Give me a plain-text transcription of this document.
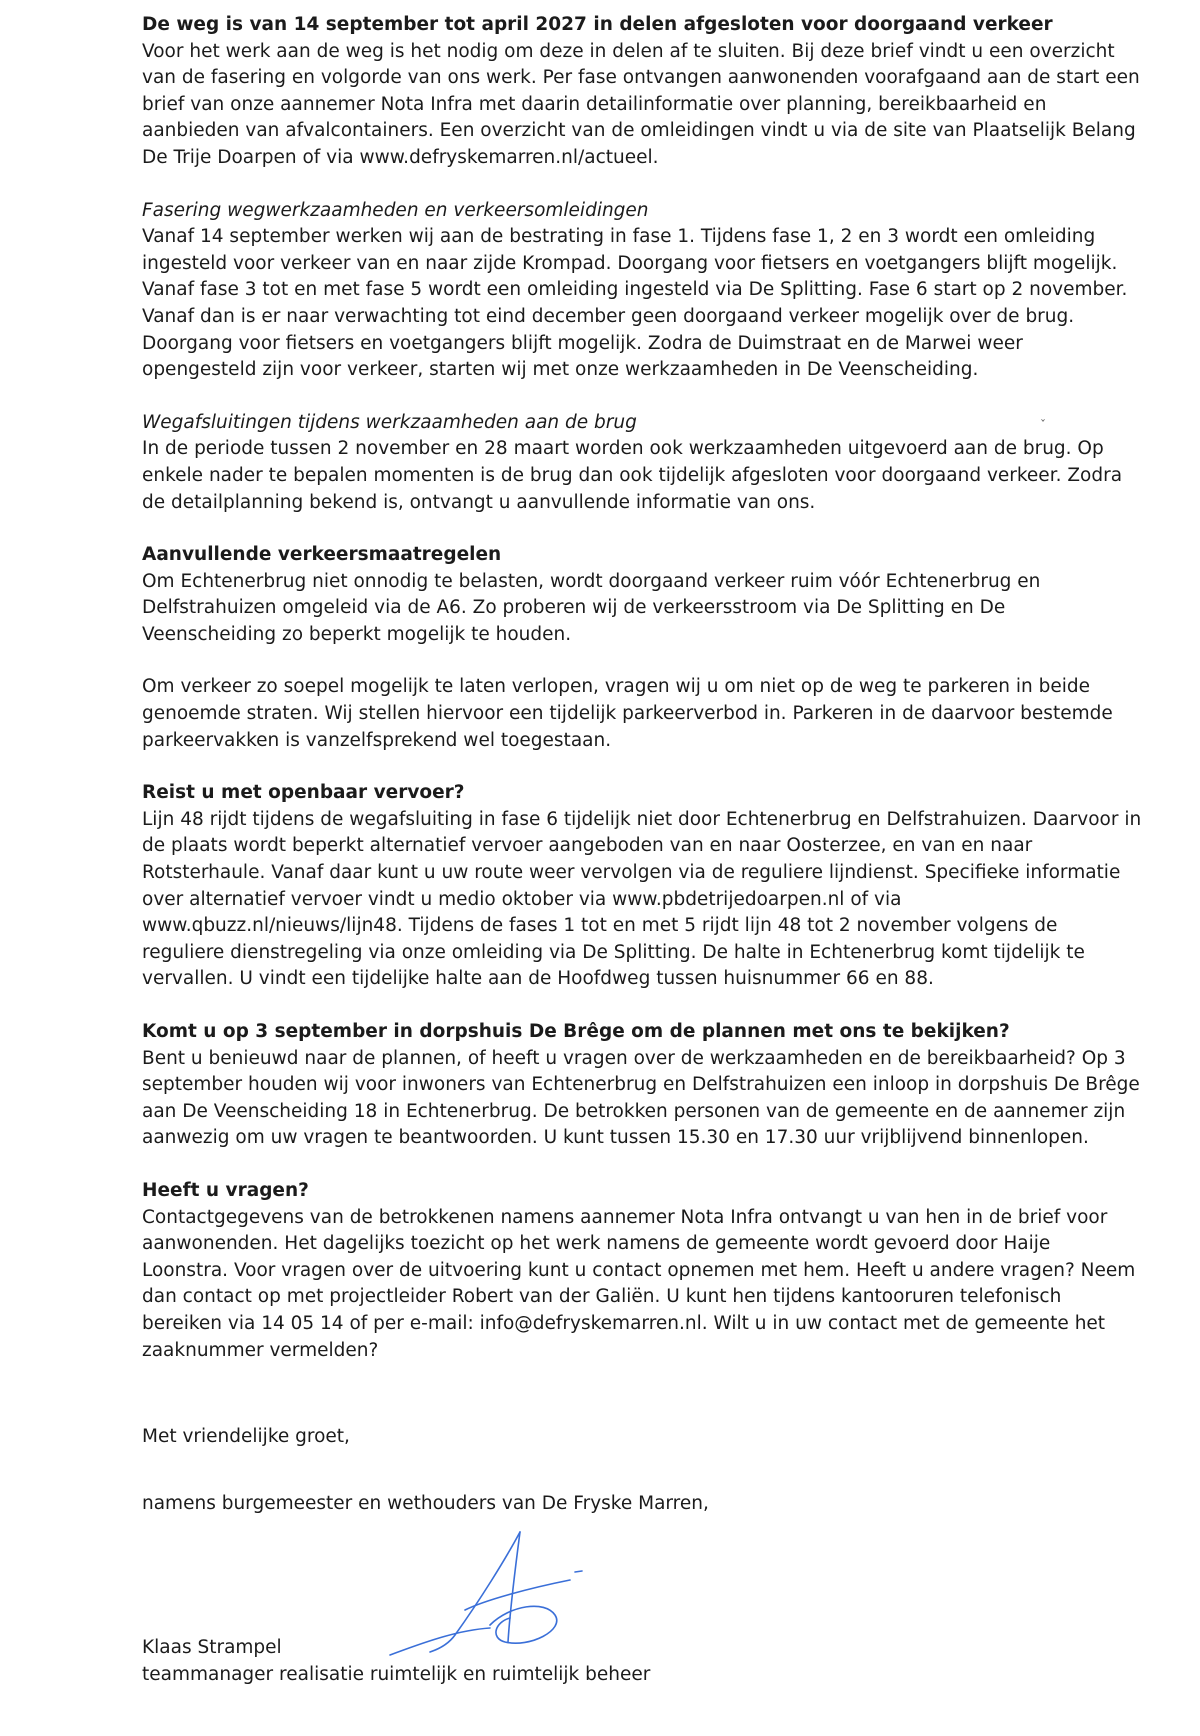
De weg is van 14 september tot april 2027 in delen afgesloten voor doorgaand verkeer

Voor het werk aan de weg is het nodig om deze in delen af te sluiten. Bij deze brief vindt u een overzicht van de fasering en volgorde van ons werk. Per fase ontvangen aanwonenden voorafgaand aan de start een brief van onze aannemer Nota Infra met daarin detailinformatie over planning, bereikbaarheid en aanbieden van afvalcontainers. Een overzicht van de omleidingen vindt u via de site van Plaatselijk Belang De Trije Doarpen of via www.defryskemarren.nl/actueel.

Fasering wegwerkzaamheden en verkeersomleidingen

Vanaf 14 september werken wij aan de bestrating in fase 1. Tijdens fase 1, 2 en 3 wordt een omleiding ingesteld voor verkeer van en naar zijde Krompad. Doorgang voor fietsers en voetgangers blijft mogelijk. Vanaf fase 3 tot en met fase 5 wordt een omleiding ingesteld via De Splitting. Fase 6 start op 2 november. Vanaf dan is er naar verwachting tot eind december geen doorgaand verkeer mogelijk over de brug. Doorgang voor fietsers en voetgangers blijft mogelijk. Zodra de Duimstraat en de Marwei weer opengesteld zijn voor verkeer, starten wij met onze werkzaamheden in De Veenscheiding.

Wegafsluitingen tijdens werkzaamheden aan de brug

In de periode tussen 2 november en 28 maart worden ook werkzaamheden uitgevoerd aan de brug. Op enkele nader te bepalen momenten is de brug dan ook tijdelijk afgesloten voor doorgaand verkeer. Zodra de detailplanning bekend is, ontvangt u aanvullende informatie van ons.

Aanvullende verkeersmaatregelen

Om Echtenerbrug niet onnodig te belasten, wordt doorgaand verkeer ruim vóór Echtenerbrug en Delfstrahuizen omgeleid via de A6. Zo proberen wij de verkeersstroom via De Splitting en De Veenscheiding zo beperkt mogelijk te houden.

Om verkeer zo soepel mogelijk te laten verlopen, vragen wij u om niet op de weg te parkeren in beide genoemde straten. Wij stellen hiervoor een tijdelijk parkeerverbod in. Parkeren in de daarvoor bestemde parkeervakken is vanzelfsprekend wel toegestaan.

Reist u met openbaar vervoer?

Lijn 48 rijdt tijdens de wegafsluiting in fase 6 tijdelijk niet door Echtenerbrug en Delfstrahuizen. Daarvoor in de plaats wordt beperkt alternatief vervoer aangeboden van en naar Oosterzee, en van en naar Rotsterhaule. Vanaf daar kunt u uw route weer vervolgen via de reguliere lijndienst. Specifieke informatie over alternatief vervoer vindt u medio oktober via www.pbdetrijedoarpen.nl of via www.qbuzz.nl/nieuws/lijn48. Tijdens de fases 1 tot en met 5 rijdt lijn 48 tot 2 november volgens de reguliere dienstregeling via onze omleiding via De Splitting. De halte in Echtenerbrug komt tijdelijk te vervallen. U vindt een tijdelijke halte aan de Hoofdweg tussen huisnummer 66 en 88.

Komt u op 3 september in dorpshuis De Brêge om de plannen met ons te bekijken?

Bent u benieuwd naar de plannen, of heeft u vragen over de werkzaamheden en de bereikbaarheid? Op 3 september houden wij voor inwoners van Echtenerbrug en Delfstrahuizen een inloop in dorpshuis De Brêge aan De Veenscheiding 18 in Echtenerbrug. De betrokken personen van de gemeente en de aannemer zijn aanwezig om uw vragen te beantwoorden. U kunt tussen 15.30 en 17.30 uur vrijblijvend binnenlopen.

Heeft u vragen?

Contactgegevens van de betrokkenen namens aannemer Nota Infra ontvangt u van hen in de brief voor aanwonenden. Het dagelijks toezicht op het werk namens de gemeente wordt gevoerd door Haije Loonstra. Voor vragen over de uitvoering kunt u contact opnemen met hem. Heeft u andere vragen? Neem dan contact op met projectleider Robert van der Galiën. U kunt hen tijdens kantooruren telefonisch bereiken via 14 05 14 of per e-mail: info@defryskemarren.nl. Wilt u in uw contact met de gemeente het zaaknummer vermelden?

Met vriendelijke groet,

namens burgemeester en wethouders van De Fryske Marren,

Klaas Strampel

teammanager realisatie ruimtelijk en ruimtelijk beheer

ˇ
